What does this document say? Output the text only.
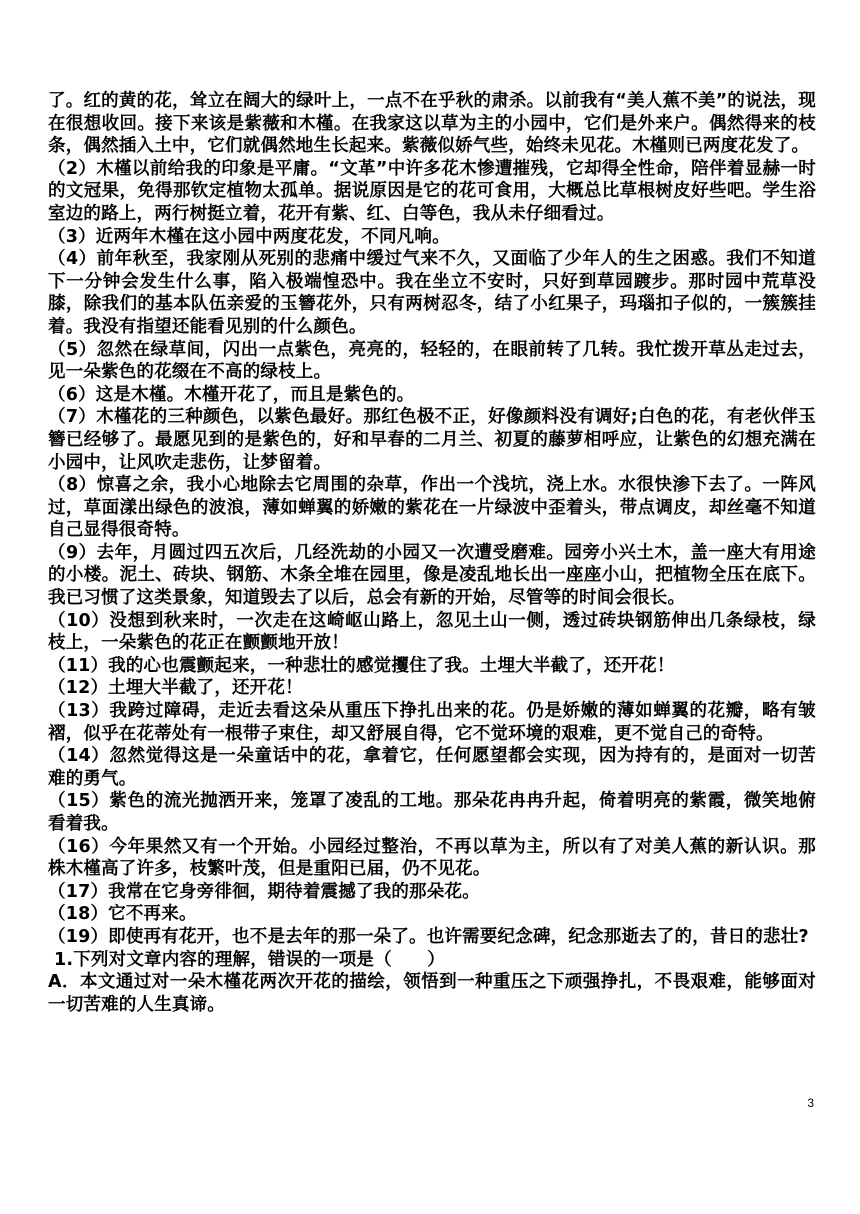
了。红的黄的花，耸立在阔大的绿叶上，一点不在乎秋的肃杀。以前我有“美人蕉不美”的说法，现在很想收回。接下来该是紫薇和木槿。在我家这以草为主的小园中，它们是外来户。偶然得来的枝条，偶然插入土中，它们就偶然地生长起来。紫薇似娇气些，始终未见花。木槿则已两度花发了。

（2）木槿以前给我的印象是平庸。“文革”中许多花木惨遭摧残，它却得全性命，陪伴着显赫一时的文冠果，免得那钦定植物太孤单。据说原因是它的花可食用，大概总比草根树皮好些吧。学生浴室边的路上，两行树挺立着，花开有紫、红、白等色，我从未仔细看过。

（3）近两年木槿在这小园中两度花发，不同凡响。

（4）前年秋至，我家刚从死别的悲痛中缓过气来不久，又面临了少年人的生之困惑。我们不知道下一分钟会发生什么事，陷入极端惶恐中。我在坐立不安时，只好到草园踱步。那时园中荒草没膝，除我们的基本队伍亲爱的玉簪花外，只有两树忍冬，结了小红果子，玛瑙扣子似的，一簇簇挂着。我没有指望还能看见别的什么颜色。

（5）忽然在绿草间，闪出一点紫色，亮亮的，轻轻的，在眼前转了几转。我忙拨开草丛走过去，见一朵紫色的花缀在不高的绿枝上。

（6）这是木槿。木槿开花了，而且是紫色的。

（7）木槿花的三种颜色，以紫色最好。那红色极不正，好像颜料没有调好;白色的花，有老伙伴玉簪已经够了。最愿见到的是紫色的，好和早春的二月兰、初夏的藤萝相呼应，让紫色的幻想充满在小园中，让风吹走悲伤，让梦留着。

（8）惊喜之余，我小心地除去它周围的杂草，作出一个浅坑，浇上水。水很快渗下去了。一阵风过，草面漾出绿色的波浪，薄如蝉翼的娇嫩的紫花在一片绿波中歪着头，带点调皮，却丝毫不知道自己显得很奇特。

（9）去年，月圆过四五次后，几经洗劫的小园又一次遭受磨难。园旁小兴土木，盖一座大有用途的小楼。泥土、砖块、钢筋、木条全堆在园里，像是凌乱地长出一座座小山，把植物全压在底下。我已习惯了这类景象，知道毁去了以后，总会有新的开始，尽管等的时间会很长。

（10）没想到秋来时，一次走在这崎岖山路上，忽见土山一侧，透过砖块钢筋伸出几条绿枝，绿枝上，一朵紫色的花正在颤颤地开放！

（11）我的心也震颤起来，一种悲壮的感觉攫住了我。土埋大半截了，还开花！

（12）土埋大半截了，还开花！

（13）我跨过障碍，走近去看这朵从重压下挣扎出来的花。仍是娇嫩的薄如蝉翼的花瓣，略有皱褶，似乎在花蒂处有一根带子束住，却又舒展自得，它不觉环境的艰难，更不觉自己的奇特。

（14）忽然觉得这是一朵童话中的花，拿着它，任何愿望都会实现，因为持有的，是面对一切苦难的勇气。

（15）紫色的流光抛洒开来，笼罩了凌乱的工地。那朵花冉冉升起，倚着明亮的紫霞，微笑地俯看着我。

（16）今年果然又有一个开始。小园经过整治，不再以草为主，所以有了对美人蕉的新认识。那株木槿高了许多，枝繁叶茂，但是重阳已届，仍不见花。

（17）我常在它身旁徘徊，期待着震撼了我的那朵花。

（18）它不再来。

（19）即使再有花开，也不是去年的那一朵了。也许需要纪念碑，纪念那逝去了的，昔日的悲壮?

1.下列对文章内容的理解，错误的一项是（　　）

A．本文通过对一朵木槿花两次开花的描绘，领悟到一种重压之下顽强挣扎，不畏艰难，能够面对一切苦难的人生真谛。

3
